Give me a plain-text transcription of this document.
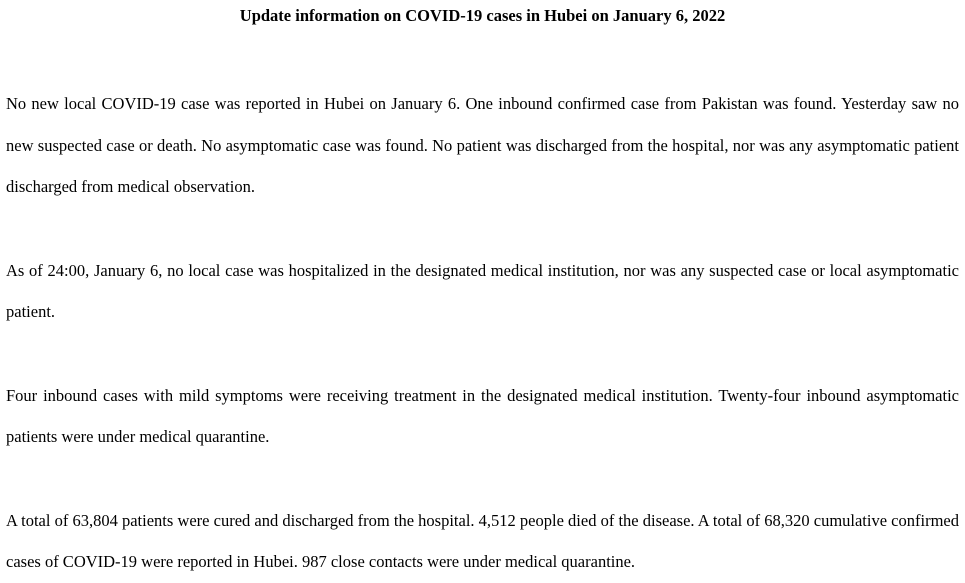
Update information on COVID-19 cases in Hubei on January 6, 2022

No new local COVID-19 case was reported in Hubei on January 6. One inbound confirmed case from Pakistan was found. Yesterday saw no new suspected case or death. No asymptomatic case was found. No patient was discharged from the hospital, nor was any asymptomatic patient discharged from medical observation.

As of 24:00, January 6, no local case was hospitalized in the designated medical institution, nor was any suspected case or local asymptomatic patient.

Four inbound cases with mild symptoms were receiving treatment in the designated medical institution. Twenty-four inbound asymptomatic patients were under medical quarantine.

A total of 63,804 patients were cured and discharged from the hospital. 4,512 people died of the disease. A total of 68,320 cumulative confirmed cases of COVID-19 were reported in Hubei. 987 close contacts were under medical quarantine.
